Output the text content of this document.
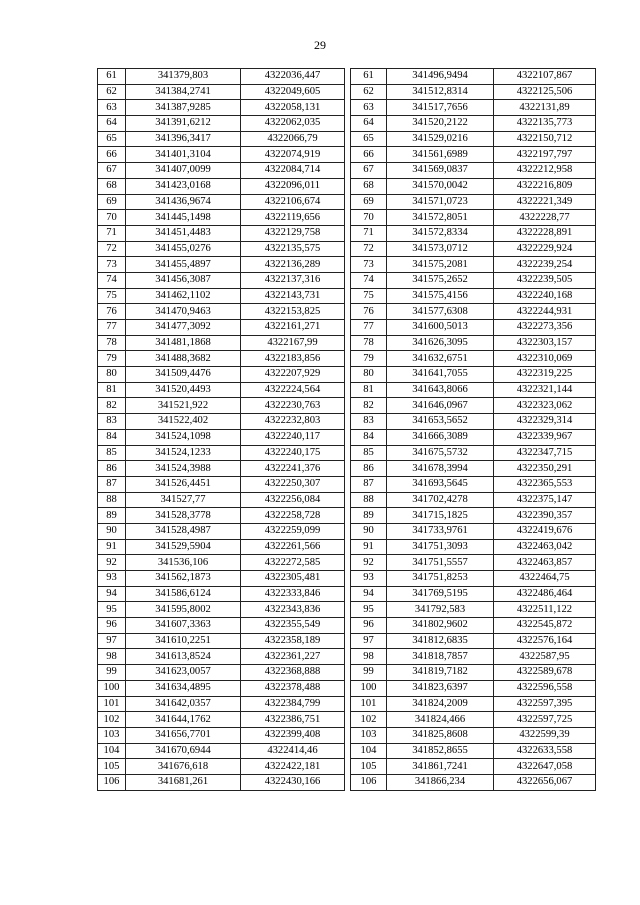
29
61	341379,803	4322036,447
62	341384,2741	4322049,605
63	341387,9285	4322058,131
64	341391,6212	4322062,035
65	341396,3417	4322066,79
66	341401,3104	4322074,919
67	341407,0099	4322084,714
68	341423,0168	4322096,011
69	341436,9674	4322106,674
70	341445,1498	4322119,656
71	341451,4483	4322129,758
72	341455,0276	4322135,575
73	341455,4897	4322136,289
74	341456,3087	4322137,316
75	341462,1102	4322143,731
76	341470,9463	4322153,825
77	341477,3092	4322161,271
78	341481,1868	4322167,99
79	341488,3682	4322183,856
80	341509,4476	4322207,929
81	341520,4493	4322224,564
82	341521,922	4322230,763
83	341522,402	4322232,803
84	341524,1098	4322240,117
85	341524,1233	4322240,175
86	341524,3988	4322241,376
87	341526,4451	4322250,307
88	341527,77	4322256,084
89	341528,3778	4322258,728
90	341528,4987	4322259,099
91	341529,5904	4322261,566
92	341536,106	4322272,585
93	341562,1873	4322305,481
94	341586,6124	4322333,846
95	341595,8002	4322343,836
96	341607,3363	4322355,549
97	341610,2251	4322358,189
98	341613,8524	4322361,227
99	341623,0057	4322368,888
100	341634,4895	4322378,488
101	341642,0357	4322384,799
102	341644,1762	4322386,751
103	341656,7701	4322399,408
104	341670,6944	4322414,46
105	341676,618	4322422,181
106	341681,261	4322430,166
61	341496,9494	4322107,867
62	341512,8314	4322125,506
63	341517,7656	4322131,89
64	341520,2122	4322135,773
65	341529,0216	4322150,712
66	341561,6989	4322197,797
67	341569,0837	4322212,958
68	341570,0042	4322216,809
69	341571,0723	4322221,349
70	341572,8051	4322228,77
71	341572,8334	4322228,891
72	341573,0712	4322229,924
73	341575,2081	4322239,254
74	341575,2652	4322239,505
75	341575,4156	4322240,168
76	341577,6308	4322244,931
77	341600,5013	4322273,356
78	341626,3095	4322303,157
79	341632,6751	4322310,069
80	341641,7055	4322319,225
81	341643,8066	4322321,144
82	341646,0967	4322323,062
83	341653,5652	4322329,314
84	341666,3089	4322339,967
85	341675,5732	4322347,715
86	341678,3994	4322350,291
87	341693,5645	4322365,553
88	341702,4278	4322375,147
89	341715,1825	4322390,357
90	341733,9761	4322419,676
91	341751,3093	4322463,042
92	341751,5557	4322463,857
93	341751,8253	4322464,75
94	341769,5195	4322486,464
95	341792,583	4322511,122
96	341802,9602	4322545,872
97	341812,6835	4322576,164
98	341818,7857	4322587,95
99	341819,7182	4322589,678
100	341823,6397	4322596,558
101	341824,2009	4322597,395
102	341824,466	4322597,725
103	341825,8608	4322599,39
104	341852,8655	4322633,558
105	341861,7241	4322647,058
106	341866,234	4322656,067
